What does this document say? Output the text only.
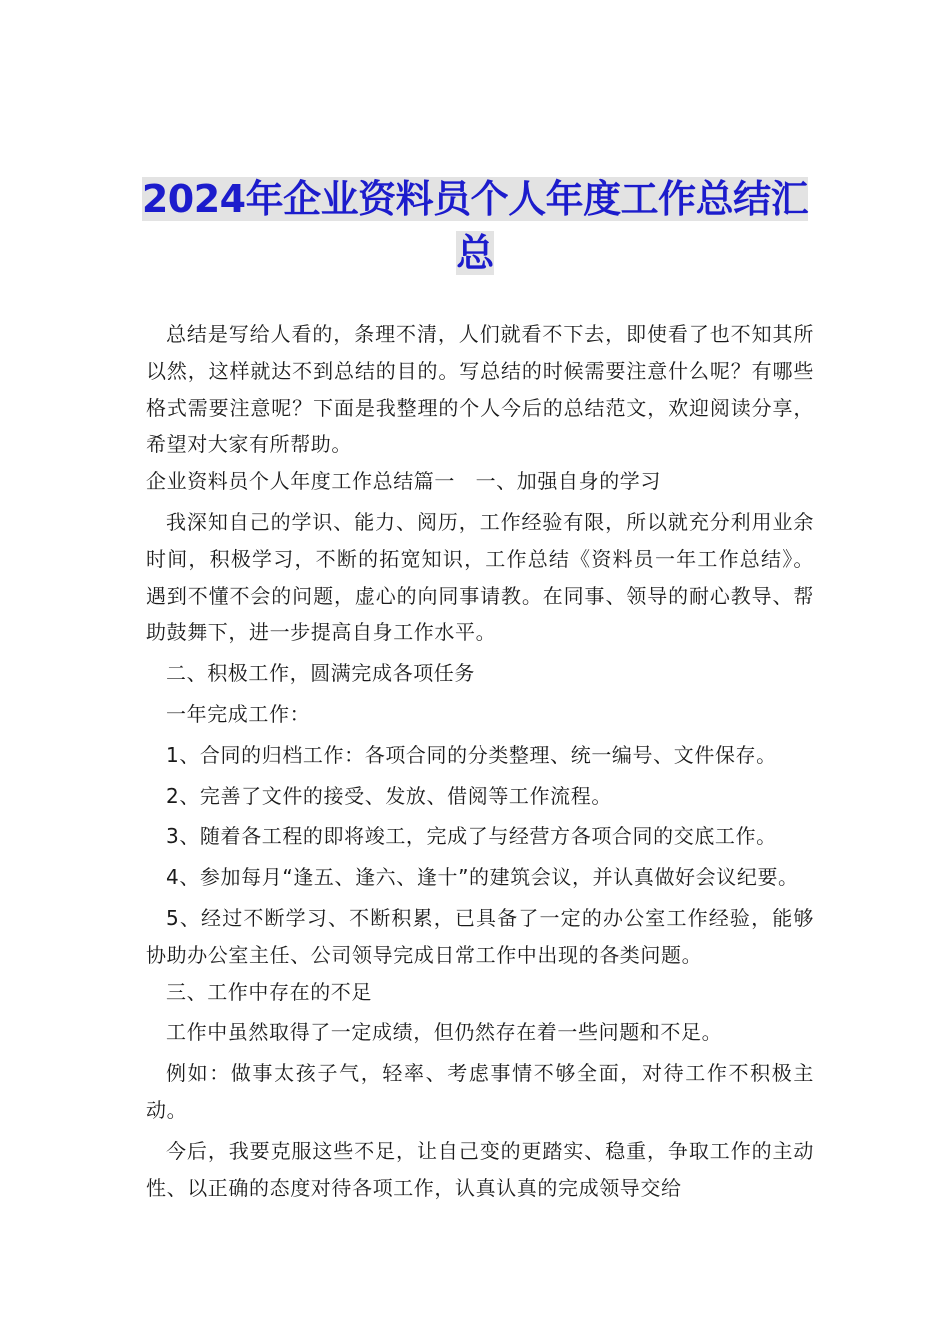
2024年企业资料员个人年度工作总结汇总

总结是写给人看的，条理不清，人们就看不下去，即使看了也不知其所以然，这样就达不到总结的目的。写总结的时候需要注意什么呢？有哪些格式需要注意呢？下面是我整理的个人今后的总结范文，欢迎阅读分享，希望对大家有所帮助。

企业资料员个人年度工作总结篇一　一、加强自身的学习

我深知自己的学识、能力、阅历，工作经验有限，所以就充分利用业余时间，积极学习，不断的拓宽知识，工作总结《资料员一年工作总结》。遇到不懂不会的问题，虚心的向同事请教。在同事、领导的耐心教导、帮助鼓舞下，进一步提高自身工作水平。

二、积极工作，圆满完成各项任务

一年完成工作：

1、合同的归档工作：各项合同的分类整理、统一编号、文件保存。

2、完善了文件的接受、发放、借阅等工作流程。

3、随着各工程的即将竣工，完成了与经营方各项合同的交底工作。

4、参加每月“逢五、逢六、逢十”的建筑会议，并认真做好会议纪要。

5、经过不断学习、不断积累，已具备了一定的办公室工作经验，能够协助办公室主任、公司领导完成日常工作中出现的各类问题。

三、工作中存在的不足

工作中虽然取得了一定成绩，但仍然存在着一些问题和不足。

例如：做事太孩子气，轻率、考虑事情不够全面，对待工作不积极主动。

今后，我要克服这些不足，让自己变的更踏实、稳重，争取工作的主动性、以正确的态度对待各项工作，认真认真的完成领导交给
